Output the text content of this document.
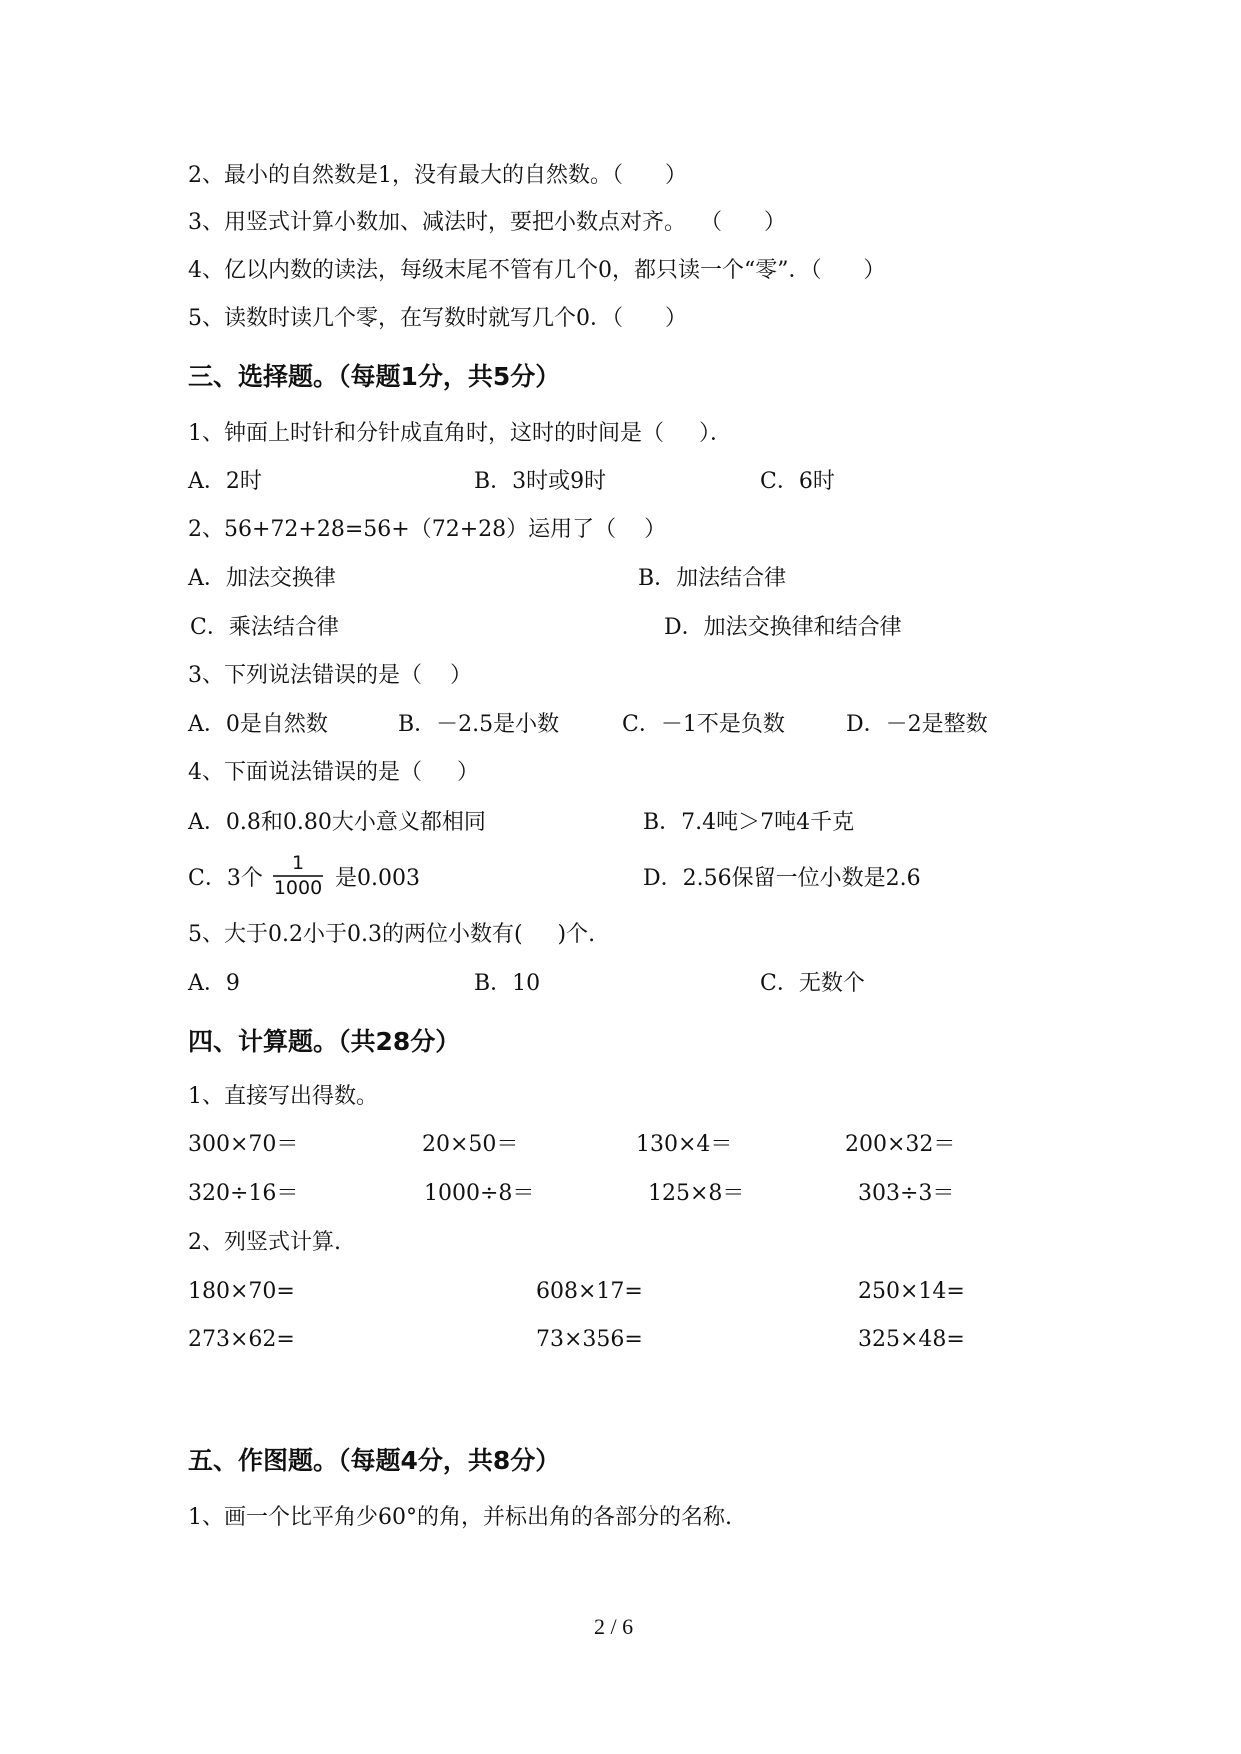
2、最小的自然数是1，没有最大的自然数。（      ）
3、用竖式计算小数加、减法时，要把小数点对齐。  （      ）
4、亿以内数的读法，每级末尾不管有几个0，都只读一个“零”．（      ）
5、读数时读几个零，在写数时就写几个0．（      ）
三、选择题。（每题1分，共5分）
1、钟面上时针和分针成直角时，这时的时间是（     ）．
A．2时	B．3时或9时	C．6时
2、56+72+28=56+（72+28）运用了（    ）
A．加法交换律	B．加法结合律
C．乘法结合律	D．加法交换律和结合律
3、下列说法错误的是（    ）
A．0是自然数	B．－2.5是小数	C．－1不是负数	D．－2是整数
4、下面说法错误的是（     ）
A．0.8和0.80大小意义都相同	B．7.4吨＞7吨4千克
C．3个
1
1000 是0.003	D．2.56保留一位小数是2.6
5、大于0.2小于0.3的两位小数有(     )个.
A．9	B．10	C．无数个
四、计算题。（共28分）
1、直接写出得数。
300×70＝	20×50＝	130×4＝	200×32＝
320÷16＝	1000÷8＝	125×8＝	303÷3＝
2、列竖式计算.
180×70=	608×17=	250×14=
273×62=	73×356=	325×48=
五、作图题。（每题4分，共8分）
1、画一个比平角少60°的角，并标出角的各部分的名称.
2 / 6
